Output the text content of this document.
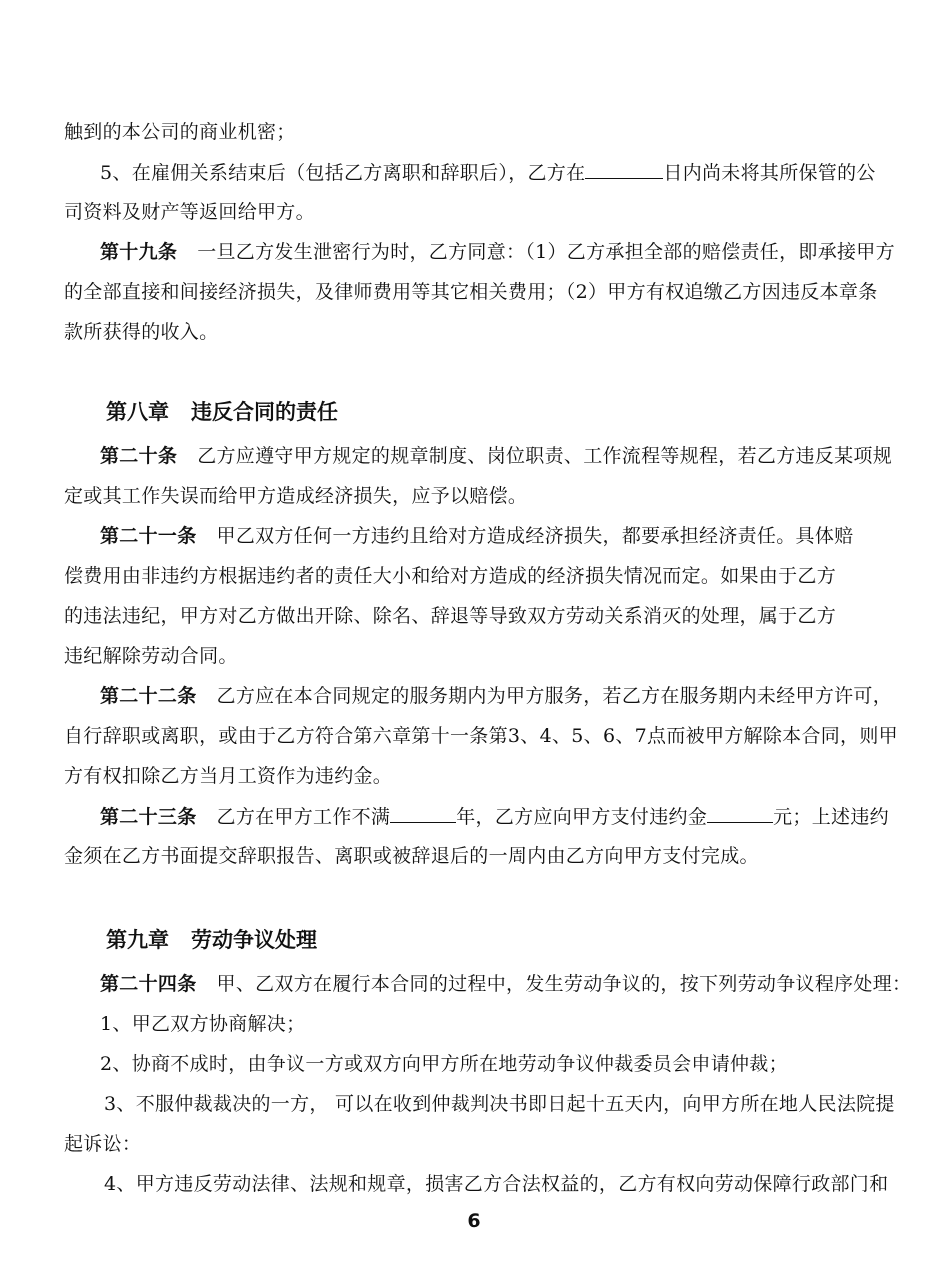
触到的本公司的商业机密；
5、在雇佣关系结束后（包括乙方离职和辞职后），乙方在	日内尚未将其所保管的公
司资料及财产等返回给甲方。
第十九条 一旦乙方发生泄密行为时，乙方同意：（1）乙方承担全部的赔偿责任，即承接甲方
的全部直接和间接经济损失，及律师费用等其它相关费用；（2）甲方有权追缴乙方因违反本章条
款所获得的收入。
第八章 违反合同的责任
第二十条 乙方应遵守甲方规定的规章制度、岗位职责、工作流程等规程，若乙方违反某项规
定或其工作失误而给甲方造成经济损失，应予以赔偿。
第二十一条 甲乙双方任何一方违约且给对方造成经济损失，都要承担经济责任。具体赔
偿费用由非违约方根据违约者的责任大小和给对方造成的经济损失情况而定。如果由于乙方
的违法违纪，甲方对乙方做出开除、除名、辞退等导致双方劳动关系消灭的处理，属于乙方
违纪解除劳动合同。
第二十二条 乙方应在本合同规定的服务期内为甲方服务，若乙方在服务期内未经甲方许可，
自行辞职或离职，或由于乙方符合第六章第十一条第3、4、5、6、7点而被甲方解除本合同，则甲
方有权扣除乙方当月工资作为违约金。
第二十三条 乙方在甲方工作不满	年，乙方应向甲方支付违约金	元；上述违约
金须在乙方书面提交辞职报告、离职或被辞退后的一周内由乙方向甲方支付完成。
第九章 劳动争议处理
第二十四条 甲、乙双方在履行本合同的过程中，发生劳动争议的，按下列劳动争议程序处理：
1、甲乙双方协商解决；
2、协商不成时，由争议一方或双方向甲方所在地劳动争议仲裁委员会申请仲裁；
3、不服仲裁裁决的一方， 可以在收到仲裁判决书即日起十五天内，向甲方所在地人民法院提
起诉讼：
4、甲方违反劳动法律、法规和规章，损害乙方合法权益的，乙方有权向劳动保障行政部门和
6
